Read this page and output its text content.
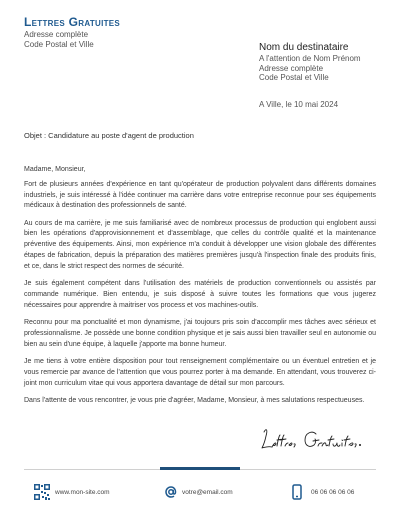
Lettres Gratuites
Adresse complète
Code Postal et Ville	Nom du destinataire
A l'attention de Nom Prénom
Adresse complète
Code Postal et Ville
A Ville, le 10 mai 2024
Objet : Candidature au poste d'agent de production

Madame, Monsieur,

Fort de plusieurs années d'expérience en tant qu'opérateur de production polyvalent dans différents domaines industriels, je suis intéressé à l'idée continuer ma carrière dans votre entreprise reconnue pour ses équipements médicaux à destination des professionnels de santé.

Au cours de ma carrière, je me suis familiarisé avec de nombreux processus de production qui englobent aussi bien les opérations d'approvisionnement et d'assemblage, que celles du contrôle qualité et la maintenance préventive des équipements. Ainsi, mon expérience m'a conduit à développer une vision globale des différentes étapes de fabrication, depuis la préparation des matières premières jusqu'à l'inspection finale des produits finis, et ce, dans le strict respect des normes de sécurité.

Je suis également compétent dans l'utilisation des matériels de production conventionnels ou assistés par commande numérique. Bien entendu, je suis disposé à suivre toutes les formations que vous jugerez nécessaires pour apprendre à maitriser vos process et vos machines-outils.

Reconnu pour ma ponctualité et mon dynamisme, j'ai toujours pris soin d'accomplir mes tâches avec sérieux et professionnalisme. Je possède une bonne condition physique et je sais aussi bien travailler seul en autonomie ou bien au sein d'une équipe, à laquelle j'apporte ma bonne humeur.

Je me tiens à votre entière disposition pour tout renseignement complémentaire ou un éventuel entretien et je vous remercie par avance de l'attention que vous pourrez porter à ma demande. En attendant, vous trouverez ci-joint mon curriculum vitae qui vous apportera davantage de détail sur mon parcours.

Dans l'attente de vous rencontrer, je vous prie d'agréer, Madame, Monsieur, à mes salutations respectueuses.

www.mon-site.com	votre@email.com	06 06 06 06 06
